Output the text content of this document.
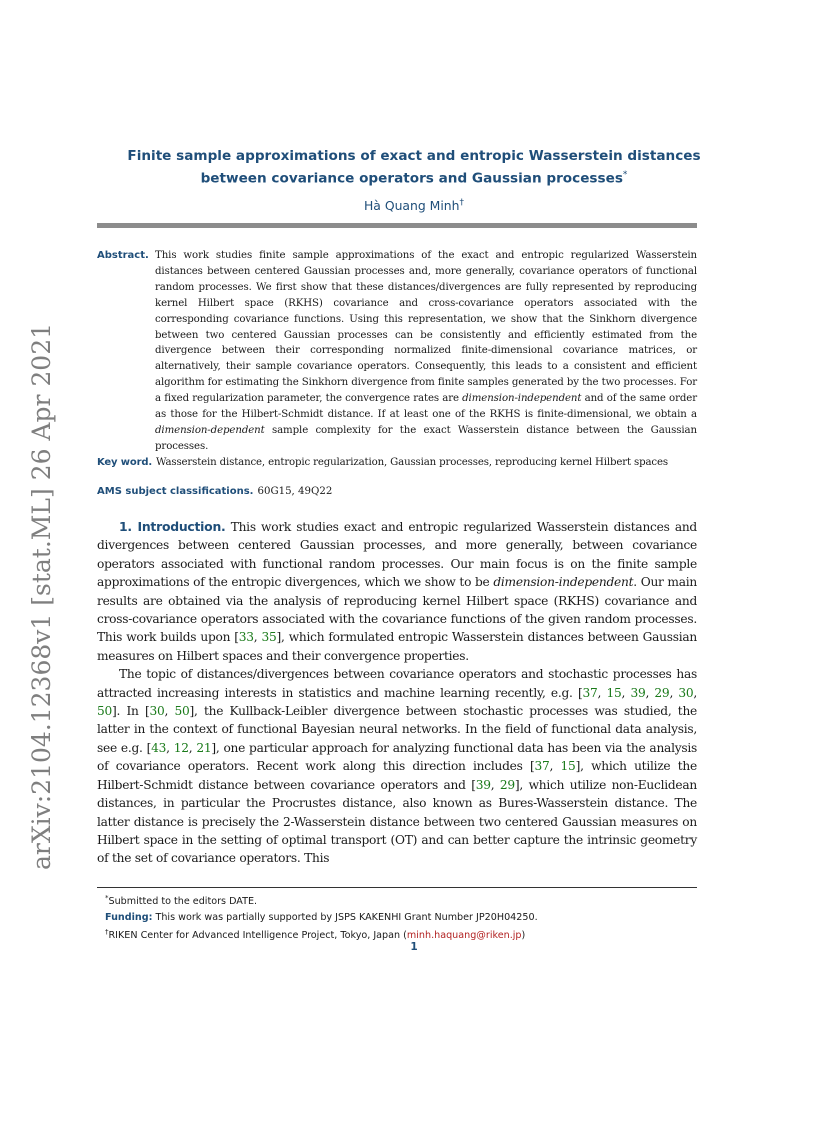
arXiv:2104.12368v1 [stat.ML] 26 Apr 2021
Finite sample approximations of exact and entropic Wasserstein distances
between covariance operators and Gaussian processes*
Hà Quang Minh†
Abstract. This work studies finite sample approximations of the exact and entropic regularized Wasserstein distances between centered Gaussian processes and, more generally, covariance operators of functional random processes. We first show that these distances/divergences are fully represented by reproducing kernel Hilbert space (RKHS) covariance and cross-covariance operators associated with the corresponding covariance functions. Using this representation, we show that the Sinkhorn divergence between two centered Gaussian processes can be consistently and efficiently estimated from the divergence between their corresponding normalized finite-dimensional covariance matrices, or alternatively, their sample covariance operators. Consequently, this leads to a consistent and efficient algorithm for estimating the Sinkhorn divergence from finite samples generated by the two processes. For a fixed regularization parameter, the convergence rates are dimension-independent and of the same order as those for the Hilbert-Schmidt distance. If at least one of the RKHS is finite-dimensional, we obtain a dimension-dependent sample complexity for the exact Wasserstein distance between the Gaussian processes.
Key word. Wasserstein distance, entropic regularization, Gaussian processes, reproducing kernel Hilbert spaces
AMS subject classifications. 60G15, 49Q22

1. Introduction. This work studies exact and entropic regularized Wasserstein distances and divergences between centered Gaussian processes, and more generally, between covariance operators associated with functional random processes. Our main focus is on the finite sample approximations of the entropic divergences, which we show to be dimension-independent. Our main results are obtained via the analysis of reproducing kernel Hilbert space (RKHS) covariance and cross-covariance operators associated with the covariance functions of the given random processes. This work builds upon [33, 35], which formulated entropic Wasserstein distances between Gaussian measures on Hilbert spaces and their convergence properties.

The topic of distances/divergences between covariance operators and stochastic processes has attracted increasing interests in statistics and machine learning recently, e.g. [37, 15, 39, 29, 30, 50]. In [30, 50], the Kullback-Leibler divergence between stochastic processes was studied, the latter in the context of functional Bayesian neural networks. In the field of functional data analysis, see e.g. [43, 12, 21], one particular approach for analyzing functional data has been via the analysis of covariance operators. Recent work along this direction includes [37, 15], which utilize the Hilbert-Schmidt distance between covariance operators and [39, 29], which utilize non-Euclidean distances, in particular the Procrustes distance, also known as Bures-Wasserstein distance. The latter distance is precisely the 2-Wasserstein distance between two centered Gaussian measures on Hilbert space in the setting of optimal transport (OT) and can better capture the intrinsic geometry of the set of covariance operators. This

*Submitted to the editors DATE.
Funding: This work was partially supported by JSPS KAKENHI Grant Number JP20H04250.
†RIKEN Center for Advanced Intelligence Project, Tokyo, Japan (minh.haquang@riken.jp)
1
